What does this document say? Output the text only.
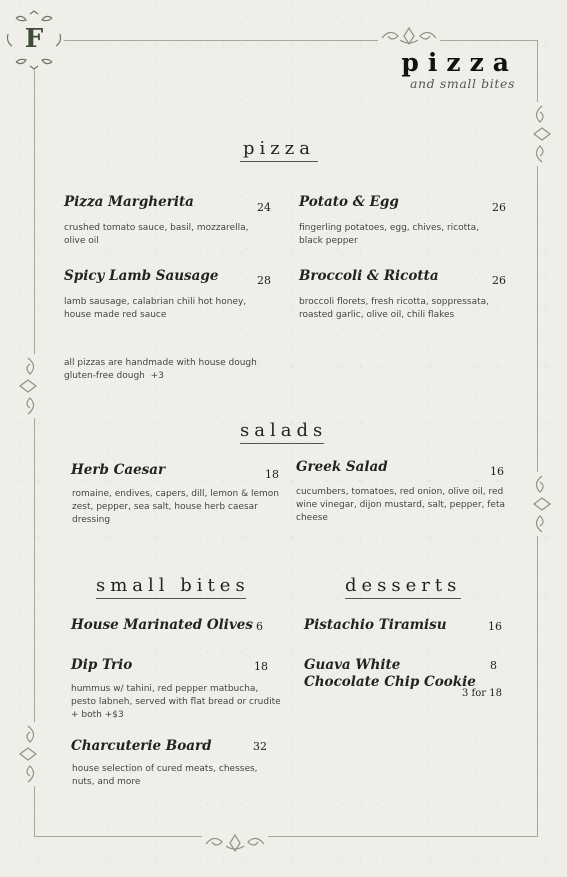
F
pizza
and small bites
pizza
Pizza Margherita	24
crushed tomato sauce, basil, mozzarella, olive oil
Potato & Egg	26
fingerling potatoes, egg, chives, ricotta, black pepper
Spicy Lamb Sausage	28
lamb sausage, calabrian chili hot honey, house made red sauce
Broccoli & Ricotta	26
broccoli florets, fresh ricotta, soppressata, roasted garlic, olive oil, chili flakes
all pizzas are handmade with house dough
gluten-free dough  +3
salads
Herb Caesar	18
romaine, endives, capers, dill, lemon & lemon zest, pepper, sea salt, house herb caesar dressing
Greek Salad	16
cucumbers, tomatoes, red onion, olive oil, red wine vinegar, dijon mustard, salt, pepper, feta cheese
small bites
House Marinated Olives 6
Dip Trio	18
hummus w/ tahini, red pepper matbucha, pesto labneh, served with flat bread or crudite + both +$3
Charcuterie Board	32
house selection of cured meats, chesses, nuts, and more
desserts
Pistachio Tiramisu	16
Guava White Chocolate Chip Cookie
8
3 for 18
